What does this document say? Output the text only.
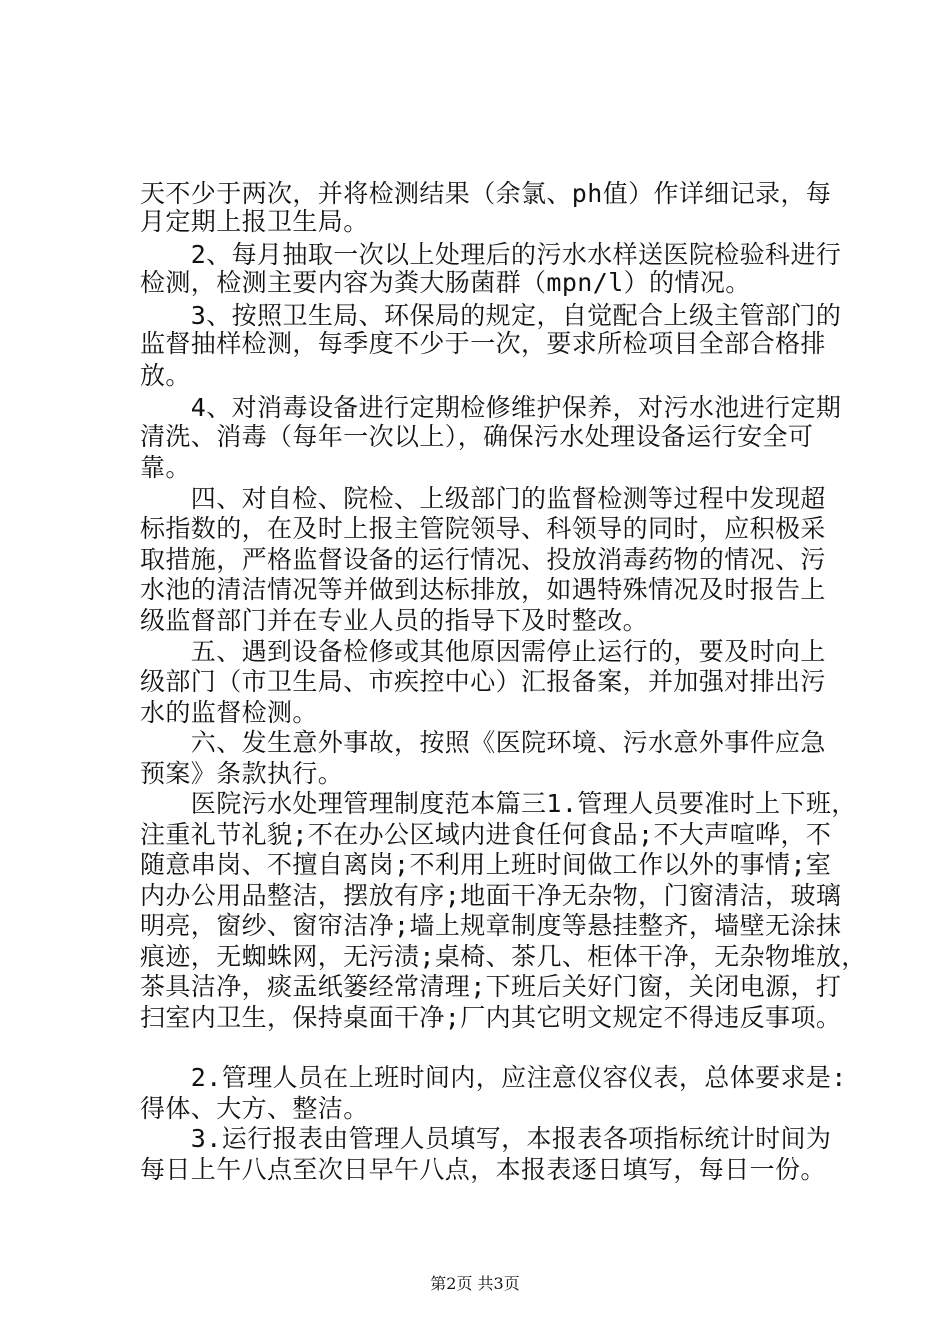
天不少于两次，并将检测结果（余氯、ph值）作详细记录，每
月定期上报卫生局。
　　2、每月抽取一次以上处理后的污水水样送医院检验科进行
检测，检测主要内容为粪大肠菌群（mpn/l）的情况。
　　3、按照卫生局、环保局的规定，自觉配合上级主管部门的
监督抽样检测，每季度不少于一次，要求所检项目全部合格排
放。
　　4、对消毒设备进行定期检修维护保养，对污水池进行定期
清洗、消毒（每年一次以上），确保污水处理设备运行安全可
靠。
　　四、对自检、院检、上级部门的监督检测等过程中发现超
标指数的，在及时上报主管院领导、科领导的同时，应积极采
取措施，严格监督设备的运行情况、投放消毒药物的情况、污
水池的清洁情况等并做到达标排放，如遇特殊情况及时报告上
级监督部门并在专业人员的指导下及时整改。
　　五、遇到设备检修或其他原因需停止运行的，要及时向上
级部门（市卫生局、市疾控中心）汇报备案，并加强对排出污
水的监督检测。
　　六、发生意外事故，按照《医院环境、污水意外事件应急
预案》条款执行。
　　医院污水处理管理制度范本篇三1.管理人员要准时上下班，
注重礼节礼貌;不在办公区域内进食任何食品;不大声喧哗，不
随意串岗、不擅自离岗;不利用上班时间做工作以外的事情;室
内办公用品整洁，摆放有序;地面干净无杂物，门窗清洁，玻璃
明亮，窗纱、窗帘洁净;墙上规章制度等悬挂整齐，墙壁无涂抹
痕迹，无蜘蛛网，无污渍;桌椅、茶几、柜体干净，无杂物堆放，
茶具洁净，痰盂纸篓经常清理;下班后关好门窗，关闭电源，打
扫室内卫生，保持桌面干净;厂内其它明文规定不得违反事项。
　　2.管理人员在上班时间内，应注意仪容仪表，总体要求是:
得体、大方、整洁。
　　3.运行报表由管理人员填写，本报表各项指标统计时间为
每日上午八点至次日早午八点，本报表逐日填写，每日一份。
第2页 共3页
